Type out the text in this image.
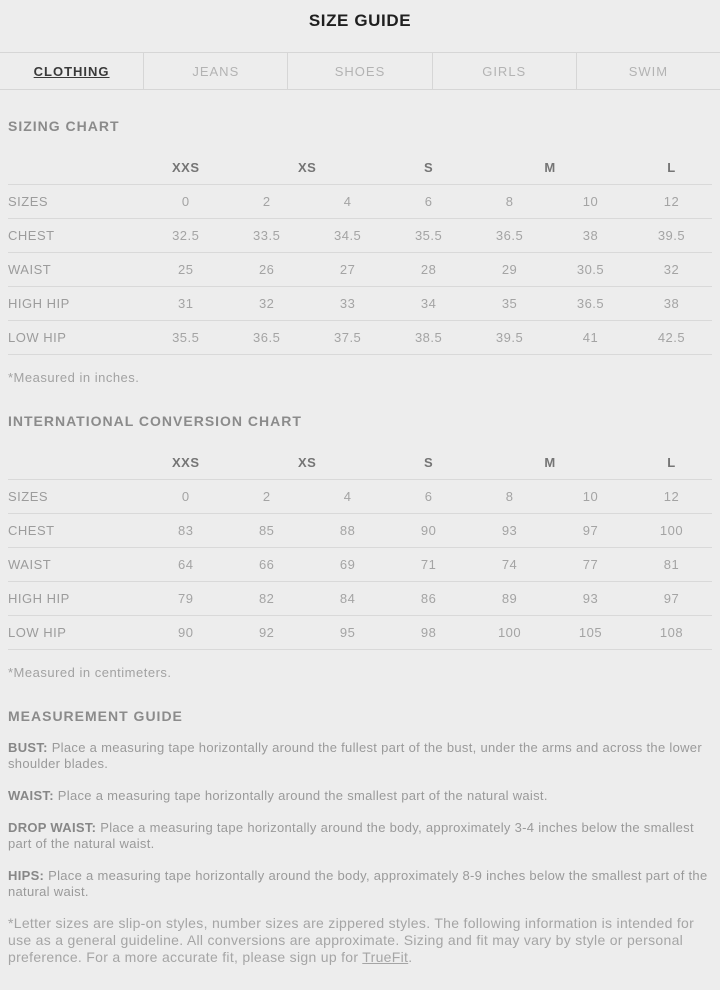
SIZE GUIDE
CLOTHING	JEANS	SHOES	GIRLS	SWIM
SIZING CHART
	XXS	XS		S	M		L
SIZES	0	2	4	6	8	10	12
CHEST	32.5	33.5	34.5	35.5	36.5	38	39.5
WAIST	25	26	27	28	29	30.5	32
HIGH HIP	31	32	33	34	35	36.5	38
LOW HIP	35.5	36.5	37.5	38.5	39.5	41	42.5

*Measured in inches.

INTERNATIONAL CONVERSION CHART
	XXS	XS		S	M		L
SIZES	0	2	4	6	8	10	12
CHEST	83	85	88	90	93	97	100
WAIST	64	66	69	71	74	77	81
HIGH HIP	79	82	84	86	89	93	97
LOW HIP	90	92	95	98	100	105	108

*Measured in centimeters.

MEASUREMENT GUIDE

BUST: Place a measuring tape horizontally around the fullest part of the bust, under the arms and across the lower shoulder blades.

WAIST: Place a measuring tape horizontally around the smallest part of the natural waist.

DROP WAIST: Place a measuring tape horizontally around the body, approximately 3-4 inches below the smallest part of the natural waist.

HIPS: Place a measuring tape horizontally around the body, approximately 8-9 inches below the smallest part of the natural waist.

*Letter sizes are slip-on styles, number sizes are zippered styles. The following information is intended for use as a general guideline. All conversions are approximate. Sizing and fit may vary by style or personal preference. For a more accurate fit, please sign up for TrueFit.
